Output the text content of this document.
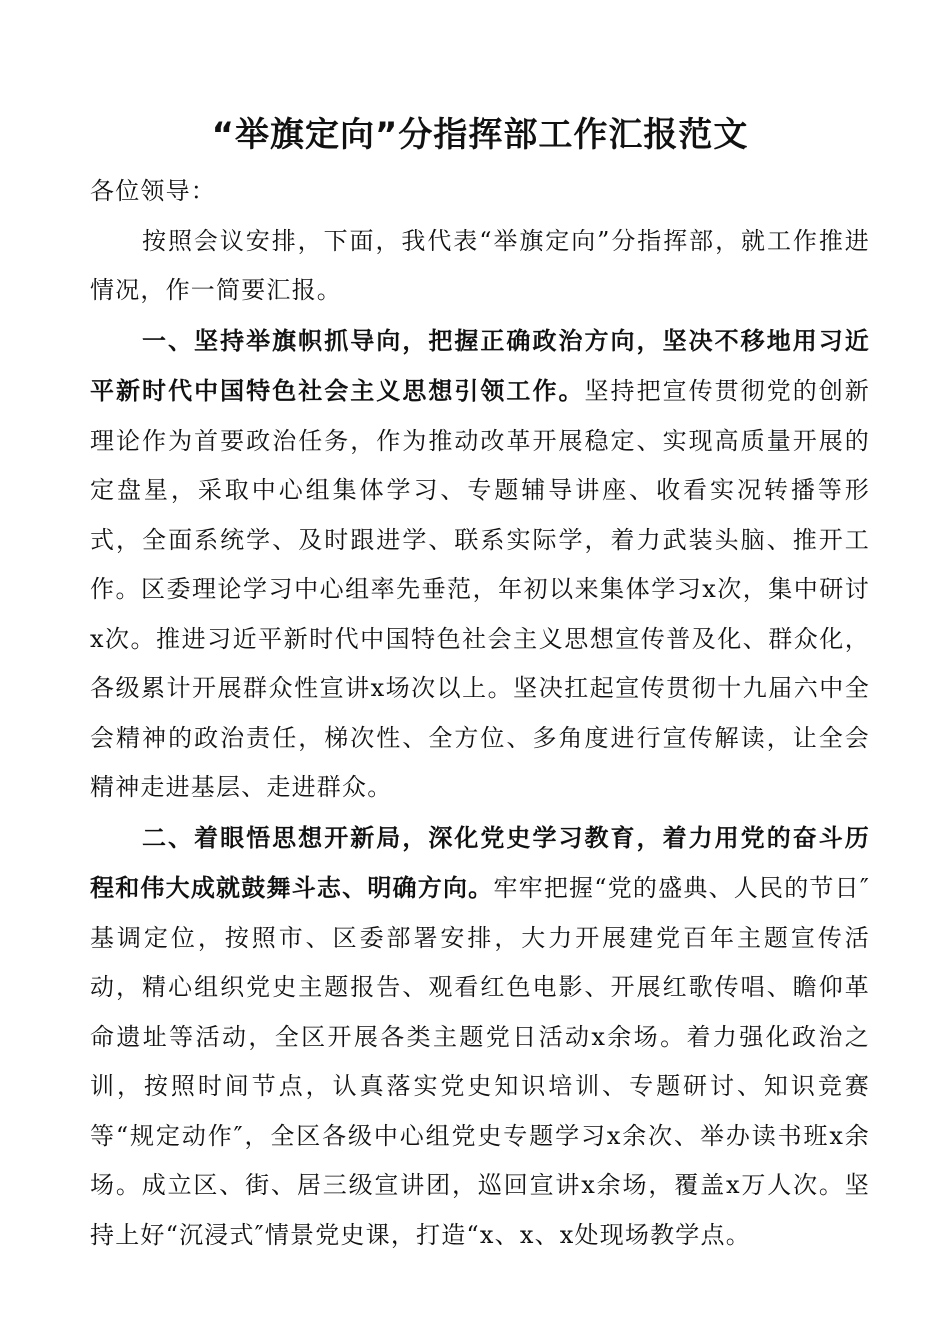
“举旗定向”分指挥部工作汇报范文

各位领导：

按照会议安排，下面，我代表“举旗定向”分指挥部，就工作推进情况，作一简要汇报。

一、坚持举旗帜抓导向，把握正确政治方向，坚决不移地用习近平新时代中国特色社会主义思想引领工作。坚持把宣传贯彻党的创新理论作为首要政治任务，作为推动改革开展稳定、实现高质量开展的定盘星，采取中心组集体学习、专题辅导讲座、收看实况转播等形式，全面系统学、及时跟进学、联系实际学，着力武装头脑、推开工作。区委理论学习中心组率先垂范，年初以来集体学习x次，集中研讨x次。推进习近平新时代中国特色社会主义思想宣传普及化、群众化，各级累计开展群众性宣讲x场次以上。坚决扛起宣传贯彻十九届六中全会精神的政治责任，梯次性、全方位、多角度进行宣传解读，让全会精神走进基层、走进群众。

二、着眼悟思想开新局，深化党史学习教育，着力用党的奋斗历程和伟大成就鼓舞斗志、明确方向。牢牢把握“党的盛典、人民的节日″基调定位，按照市、区委部署安排，大力开展建党百年主题宣传活动，精心组织党史主题报告、观看红色电影、开展红歌传唱、瞻仰革命遗址等活动，全区开展各类主题党日活动x余场。着力强化政治之训，按照时间节点，认真落实党史知识培训、专题研讨、知识竞赛等“规定动作″，全区各级中心组党史专题学习x余次、举办读书班x余场。成立区、街、居三级宣讲团，巡回宣讲x余场，覆盖x万人次。坚持上好“沉浸式″情景党史课，打造“x、x、x处现场教学点。
